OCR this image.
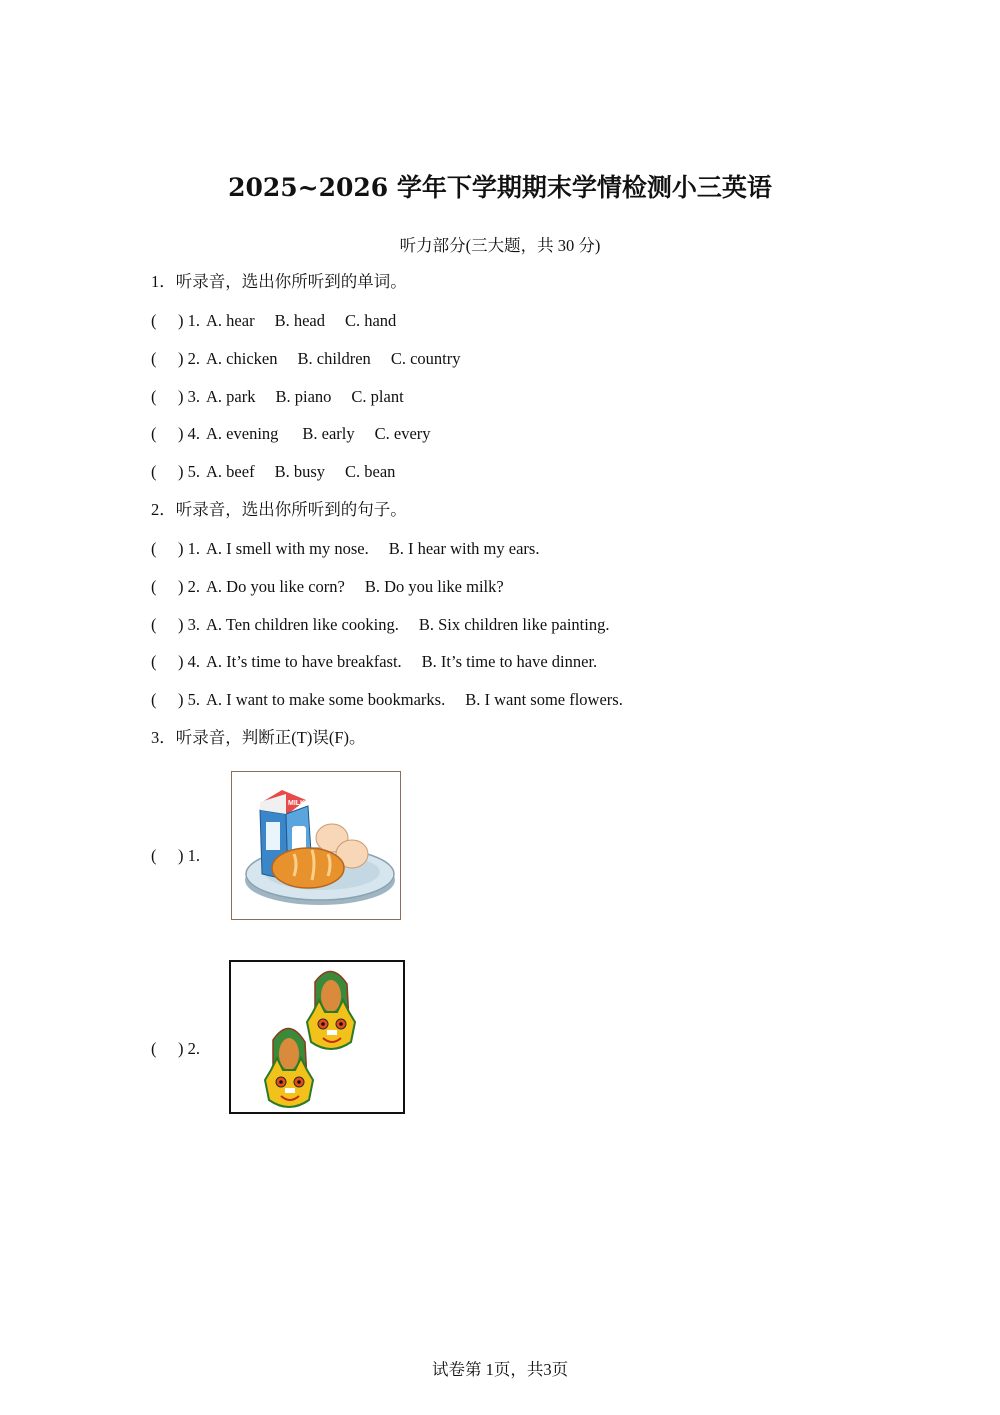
2025~2026 学年下学期期末学情检测小三英语
听力部分(三大题，共 30 分)
1．听录音，选出你所听到的单词。
( ) 1. A. hear B. head C. hand
( ) 2. A. chicken B. children C. country
( ) 3. A. park B. piano C. plant
( ) 4. A. evening B. early C. every
( ) 5. A. beef B. busy C. bean
2．听录音，选出你所听到的句子。
( ) 1. A. I smell with my nose. B. I hear with my ears.
( ) 2. A. Do you like corn? B. Do you like milk?
( ) 3. A. Ten children like cooking. B. Six children like painting.
( ) 4. A. It’s time to have breakfast. B. It’s time to have dinner.
( ) 5. A. I want to make some bookmarks. B. I want some flowers.
3．听录音，判断正(T)误(F)。
( ) 1.
MILK
( ) 2.
试卷第 1页，共3页
